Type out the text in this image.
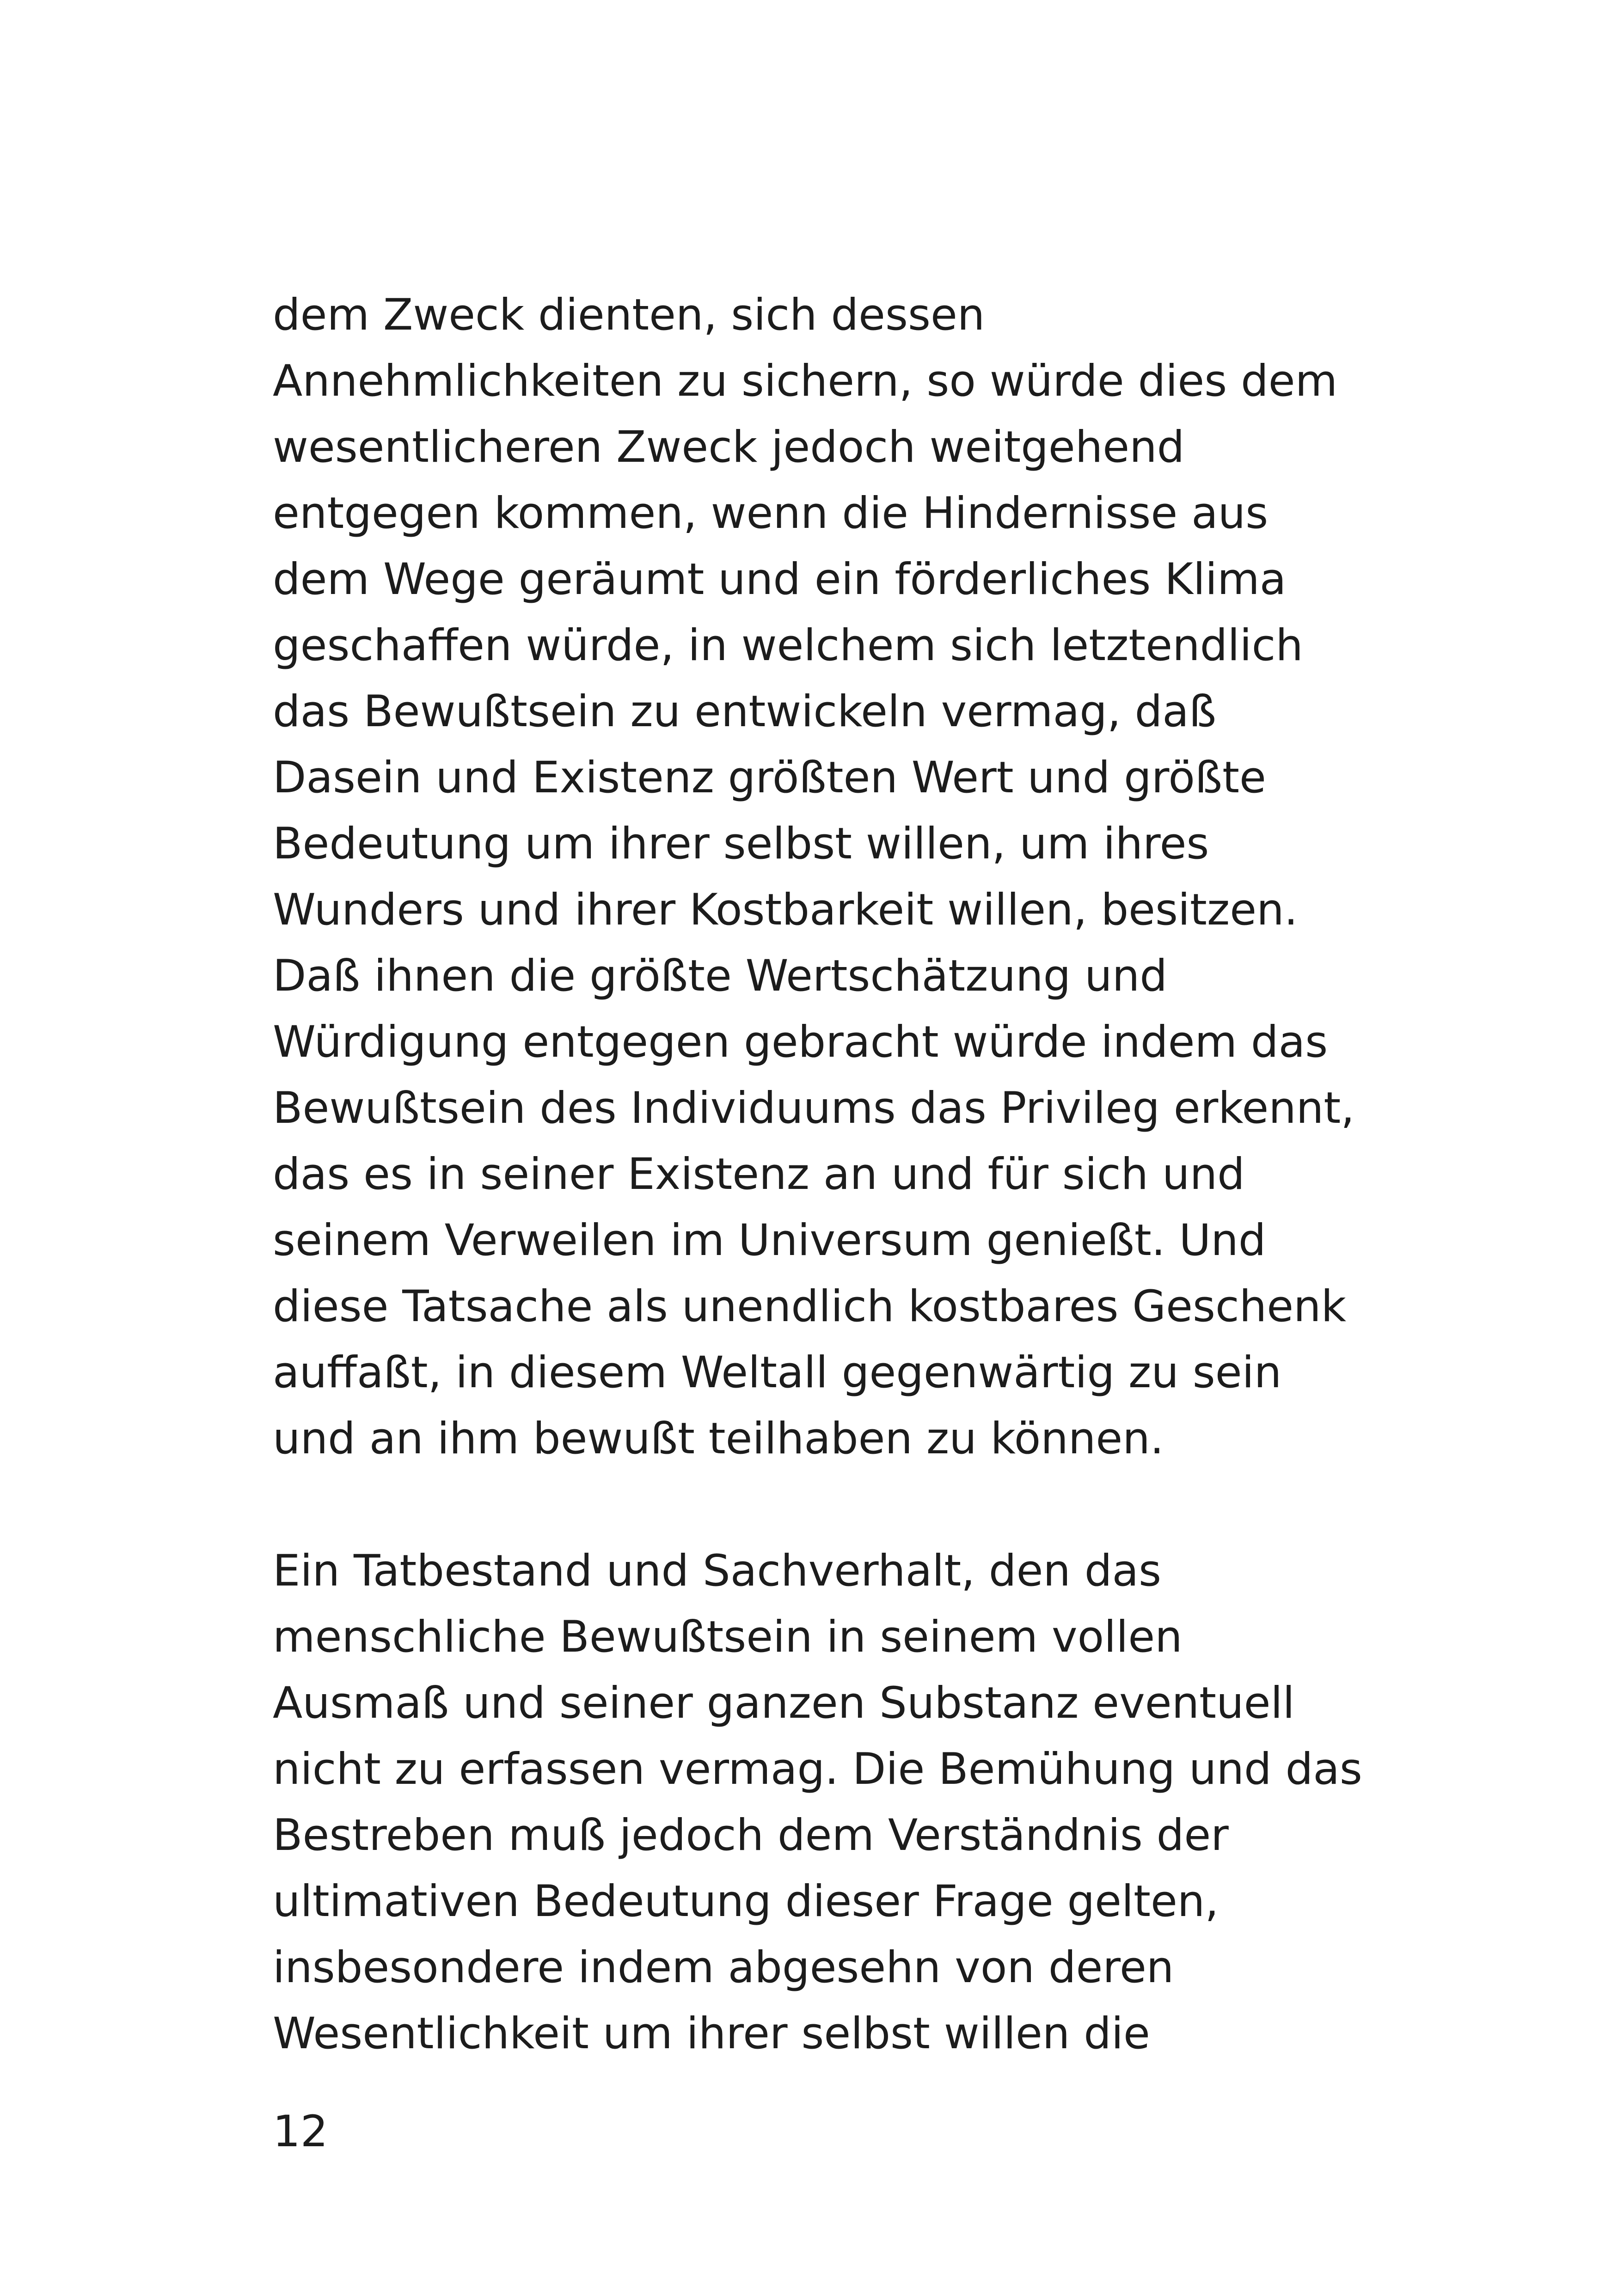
dem Zweck dienten, sich dessen
Annehmlichkeiten zu sichern, so würde dies dem
wesentlicheren Zweck jedoch weitgehend
entgegen kommen, wenn die Hindernisse aus
dem Wege geräumt und ein förderliches Klima
geschaffen würde, in welchem sich letztendlich
das Bewußtsein zu entwickeln vermag, daß
Dasein und Existenz größten Wert und größte
Bedeutung um ihrer selbst willen, um ihres
Wunders und ihrer Kostbarkeit willen, besitzen.
Daß ihnen die größte Wertschätzung und
Würdigung entgegen gebracht würde indem das
Bewußtsein des Individuums das Privileg erkennt,
das es in seiner Existenz an und für sich und
seinem Verweilen im Universum genießt. Und
diese Tatsache als unendlich kostbares Geschenk
auffaßt, in diesem Weltall gegenwärtig zu sein
und an ihm bewußt teilhaben zu können.
Ein Tatbestand und Sachverhalt, den das
menschliche Bewußtsein in seinem vollen
Ausmaß und seiner ganzen Substanz eventuell
nicht zu erfassen vermag. Die Bemühung und das
Bestreben muß jedoch dem Verständnis der
ultimativen Bedeutung dieser Frage gelten,
insbesondere indem abgesehn von deren
Wesentlichkeit um ihrer selbst willen die
12
